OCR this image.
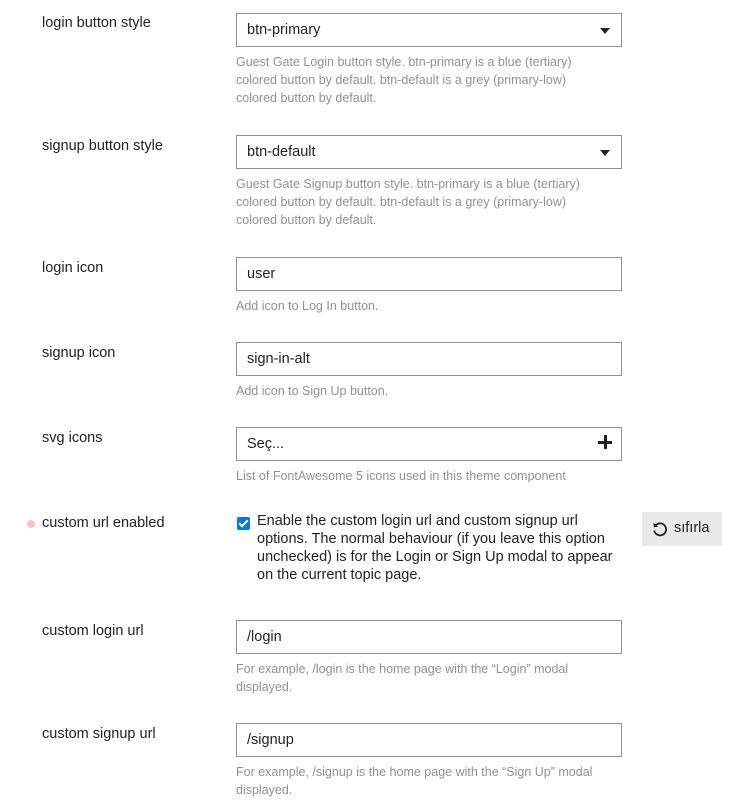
login button style	btn-primary
Guest Gate Login button style. btn-primary is a blue (tertiary) colored button by default. btn-default is a grey (primary-low) colored button by default.
signup button style	btn-default
Guest Gate Signup button style. btn-primary is a blue (tertiary) colored button by default. btn-default is a grey (primary-low) colored button by default.
login icon	user
Add icon to Log In button.
signup icon	sign-in-alt
Add icon to Sign Up button.
svg icons	Seç...
List of FontAwesome 5 icons used in this theme component
custom url enabled	Enable the custom login url and custom signup url options. The normal behaviour (if you leave this option unchecked) is for the Login or Sign Up modal to appear on the current topic page.
sıfırla
custom login url	/login
For example, /login is the home page with the “Login” modal displayed.
custom signup url	/signup
For example, /signup is the home page with the “Sign Up” modal displayed.
